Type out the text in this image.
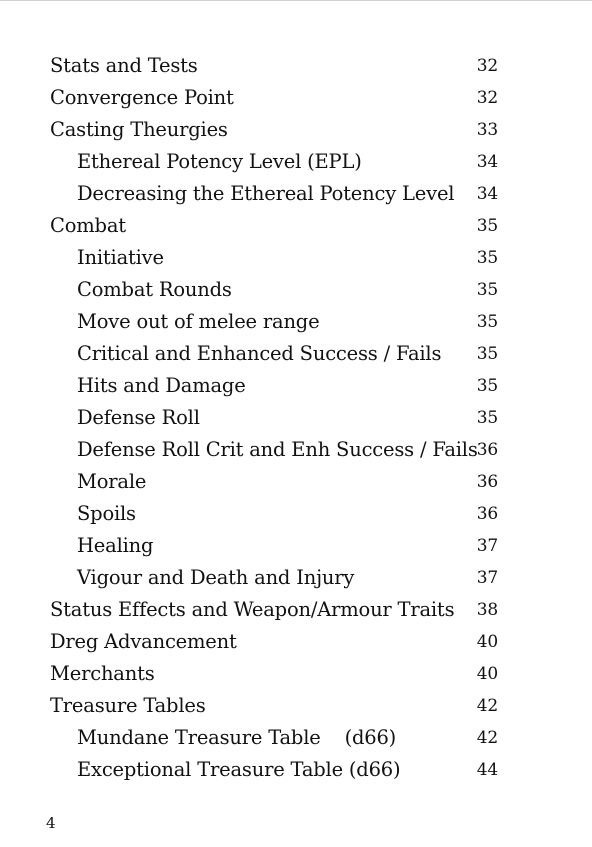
Stats and Tests	32
Convergence Point	32
Casting Theurgies	33
Ethereal Potency Level (EPL)	34
Decreasing the Ethereal Potency Level 34
Combat	35
Initiative	35
Combat Rounds	35
Move out of melee range	35
Critical and Enhanced Success / Fails 35
Hits and Damage	35
Defense Roll	35
Defense Roll Crit and Enh Success / Fails 36
Morale	36
Spoils	36
Healing	37
Vigour and Death and Injury	37
Status Effects and Weapon/Armour Traits 38
Dreg Advancement	40
Merchants	40
Treasure Tables	42
Mundane Treasure Table    (d66)	42
Exceptional Treasure Table (d66)	44
4
